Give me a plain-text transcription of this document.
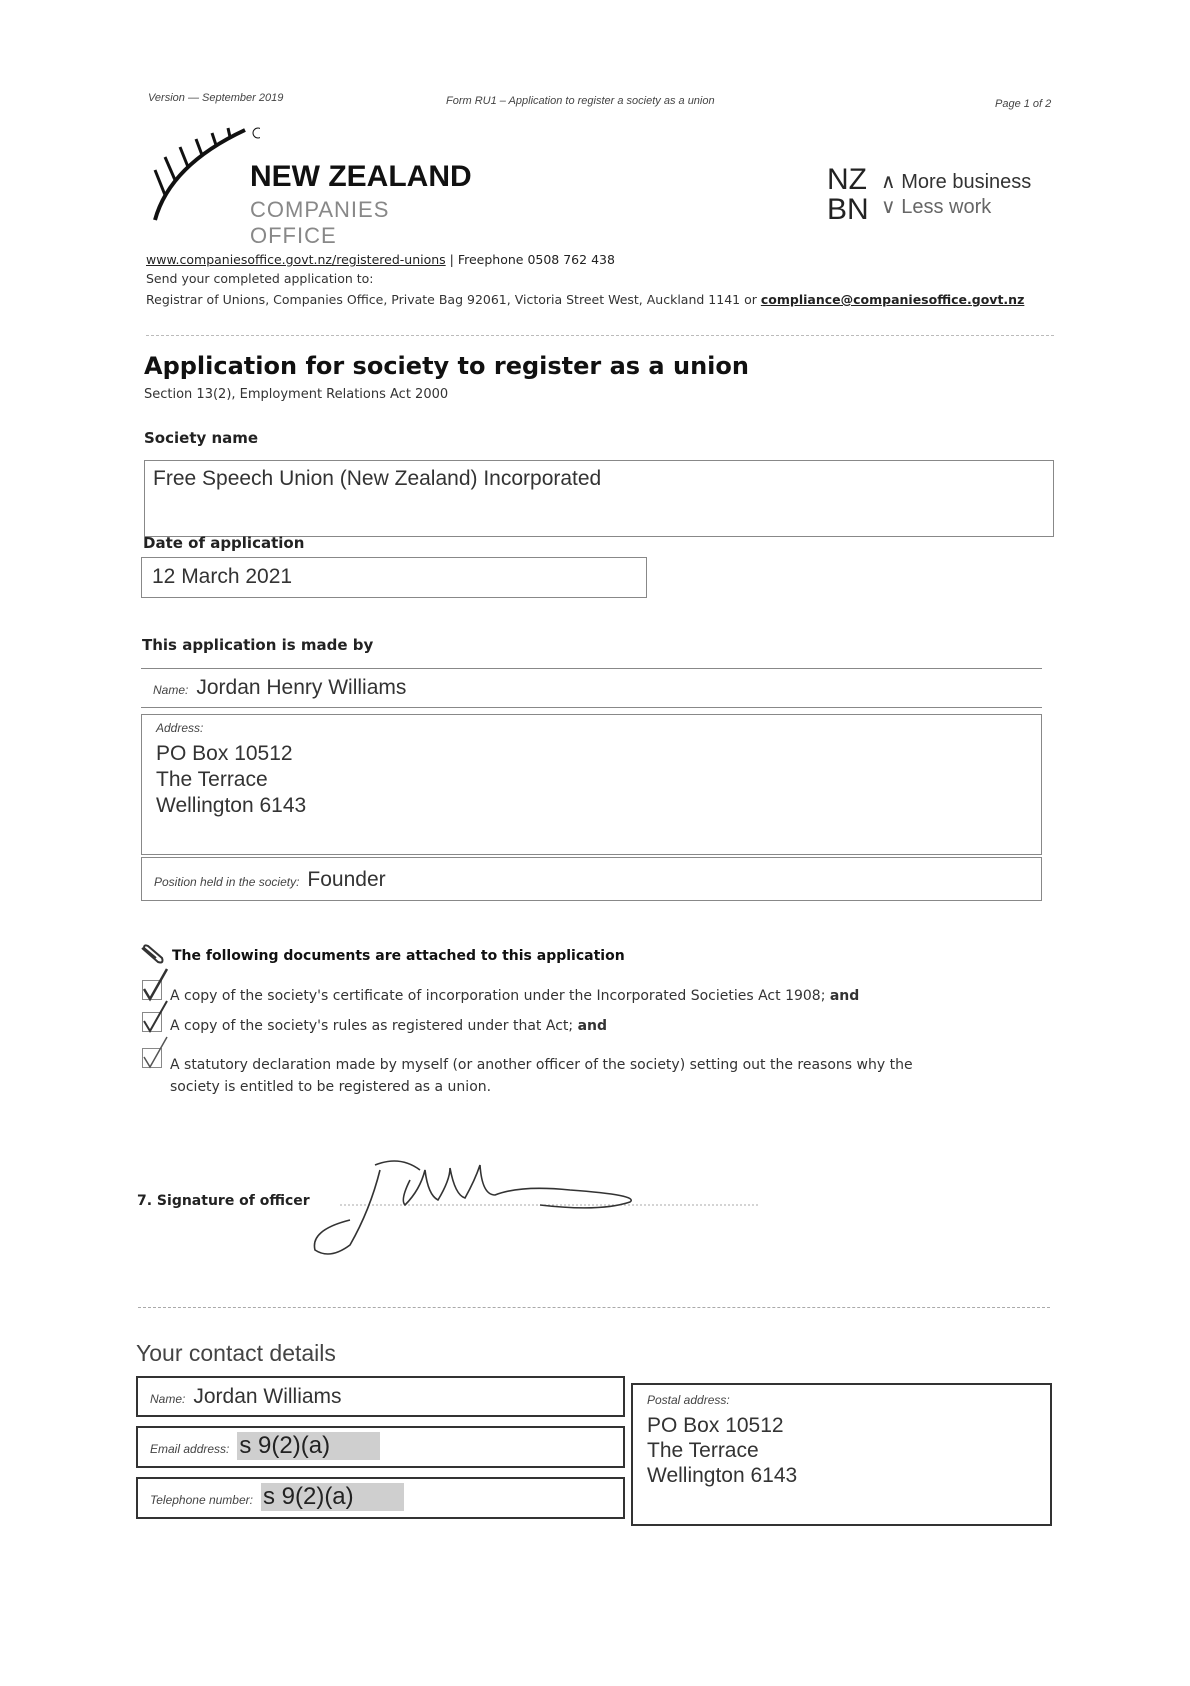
Version — September 2019	Form RU1 – Application to register a society as a union	Page 1 of 2
NEW ZEALAND
COMPANIES OFFICE
NZ
BN
∧ More business
∨ Less work
www.companiesoffice.govt.nz/registered-unions | Freephone 0508 762 438
Send your completed application to:
Registrar of Unions, Companies Office, Private Bag 92061, Victoria Street West, Auckland 1141 or compliance@companiesoffice.govt.nz
Application for society to register as a union
Section 13(2), Employment Relations Act 2000
Society name
Free Speech Union (New Zealand) Incorporated
Date of application
12 March 2021
This application is made by
Name: Jordan Henry Williams
Address:
PO Box 10512
The Terrace
Wellington 6143
Position held in the society: Founder
The following documents are attached to this application
A copy of the society's certificate of incorporation under the Incorporated Societies Act 1908; and
A copy of the society's rules as registered under that Act; and
A statutory declaration made by myself (or another officer of the society) setting out the reasons why the society is entitled to be registered as a union.
7. Signature of officer
Your contact details
Name: Jordan Williams
Email address: s 9(2)(a)
Telephone number: s 9(2)(a)
Postal address:
PO Box 10512
The Terrace
Wellington 6143
